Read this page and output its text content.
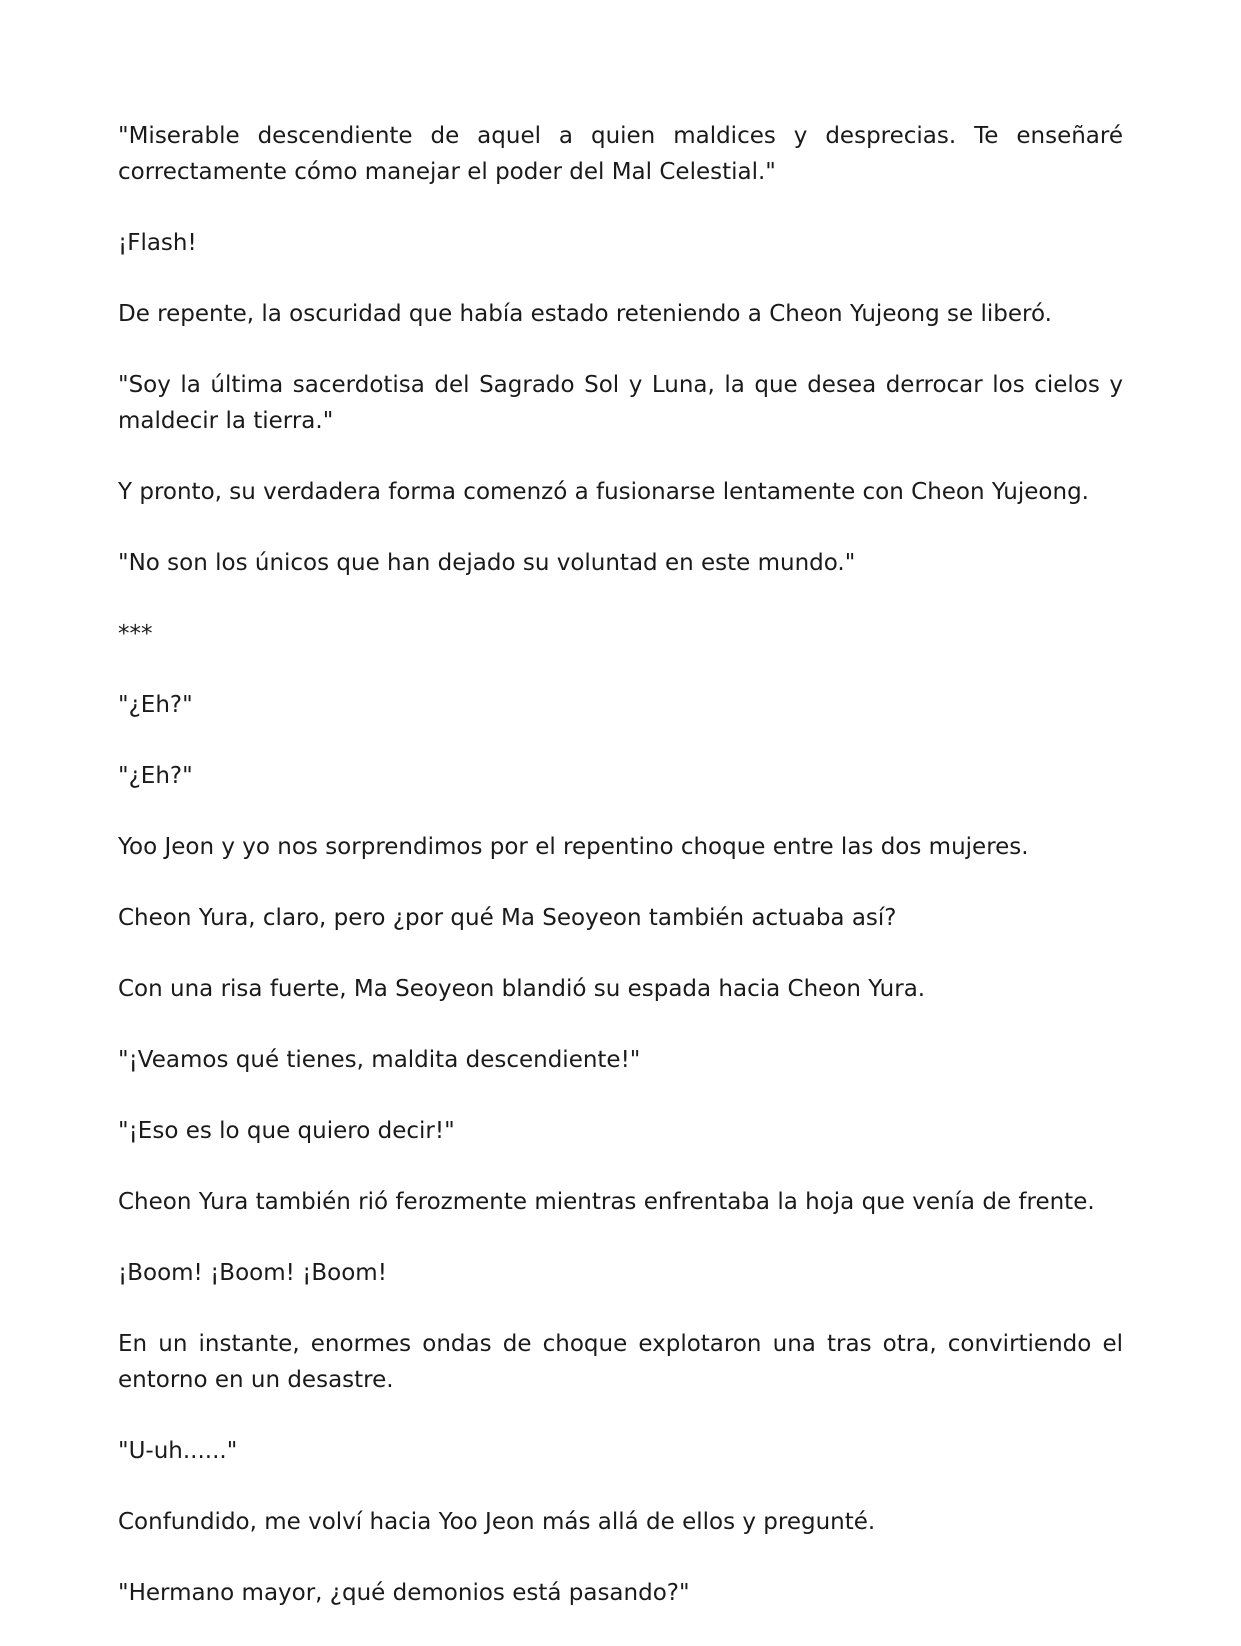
"Miserable descendiente de aquel a quien maldices y desprecias. Te enseñaré correctamente cómo manejar el poder del Mal Celestial."

¡Flash!

De repente, la oscuridad que había estado reteniendo a Cheon Yujeong se liberó.

"Soy la última sacerdotisa del Sagrado Sol y Luna, la que desea derrocar los cielos y maldecir la tierra."

Y pronto, su verdadera forma comenzó a fusionarse lentamente con Cheon Yujeong.

"No son los únicos que han dejado su voluntad en este mundo."

***

"¿Eh?"

"¿Eh?"

Yoo Jeon y yo nos sorprendimos por el repentino choque entre las dos mujeres.

Cheon Yura, claro, pero ¿por qué Ma Seoyeon también actuaba así?

Con una risa fuerte, Ma Seoyeon blandió su espada hacia Cheon Yura.

"¡Veamos qué tienes, maldita descendiente!"

"¡Eso es lo que quiero decir!"

Cheon Yura también rió ferozmente mientras enfrentaba la hoja que venía de frente.

¡Boom! ¡Boom! ¡Boom!

En un instante, enormes ondas de choque explotaron una tras otra, convirtiendo el entorno en un desastre.

"U-uh......"

Confundido, me volví hacia Yoo Jeon más allá de ellos y pregunté.

"Hermano mayor, ¿qué demonios está pasando?"
